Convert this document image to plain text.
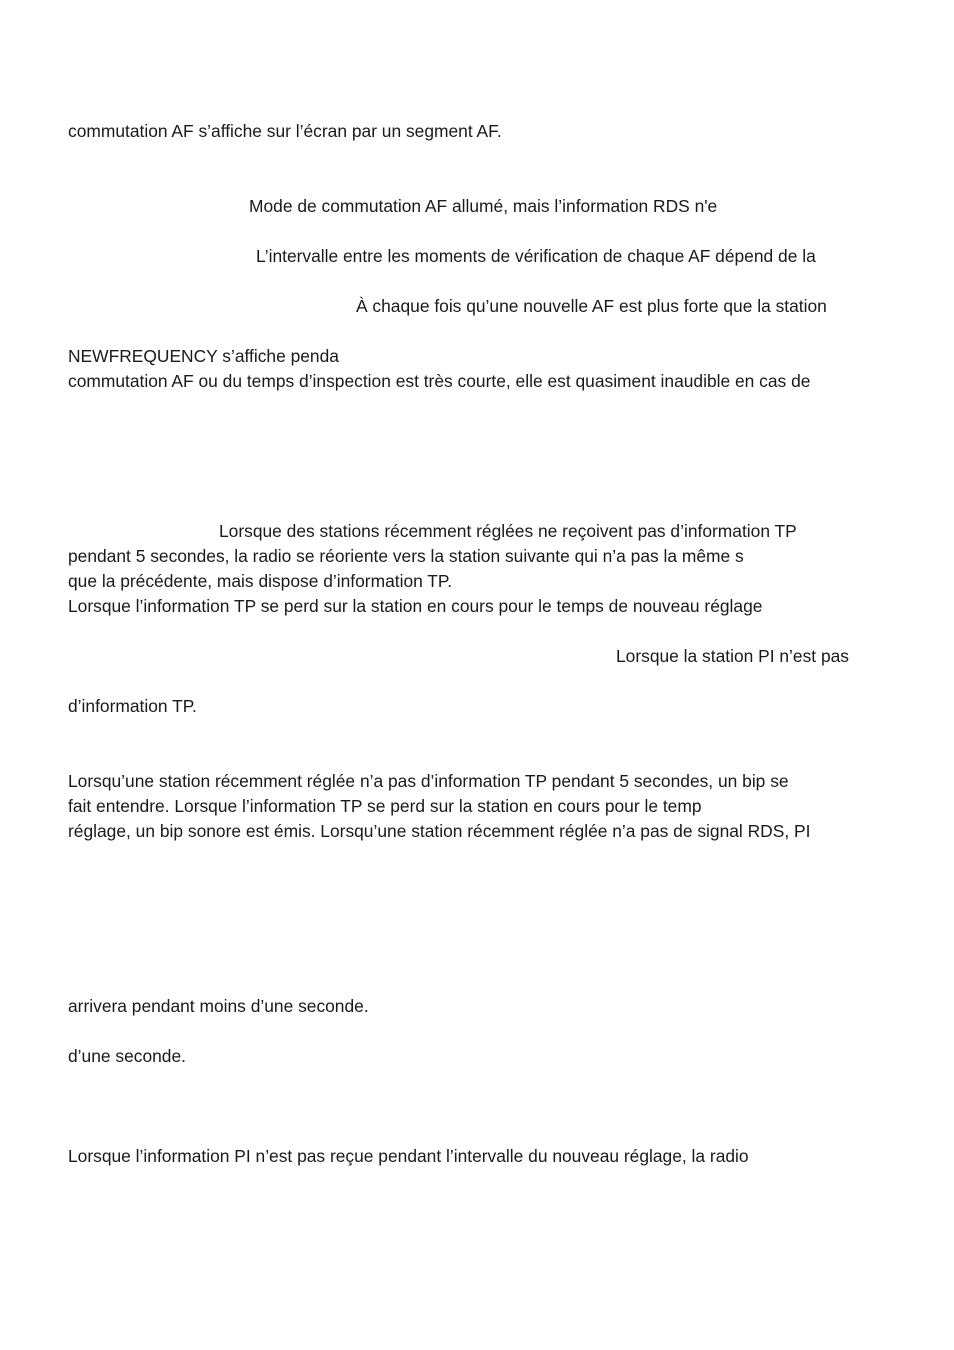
commutation AF s’affiche sur l’écran par un segment AF.

Mode de commutation AF allumé, mais l’information RDS n'e

L’intervalle entre les moments de vérification de chaque AF dépend de la

À chaque fois qu’une nouvelle AF est plus forte que la station

NEWFREQUENCY s’affiche penda

commutation AF ou du temps d’inspection est très courte, elle est quasiment inaudible en cas de

Lorsque des stations récemment réglées ne reçoivent pas d’information TP

pendant 5 secondes, la radio se réoriente vers la station suivante qui n’a pas la même s

que la précédente, mais dispose d’information TP.

Lorsque l’information TP se perd sur la station en cours pour le temps de nouveau réglage

Lorsque la station PI n’est pas

d’information TP.

Lorsqu’une station récemment réglée n’a pas d’information TP pendant 5 secondes, un bip se

fait entendre. Lorsque l’information TP se perd sur la station en cours pour le temp

réglage, un bip sonore est émis. Lorsqu’une station récemment réglée n’a pas de signal RDS, PI

arrivera pendant moins d’une seconde.

d’une seconde.

Lorsque l’information PI n’est pas reçue pendant l’intervalle du nouveau réglage, la radio
